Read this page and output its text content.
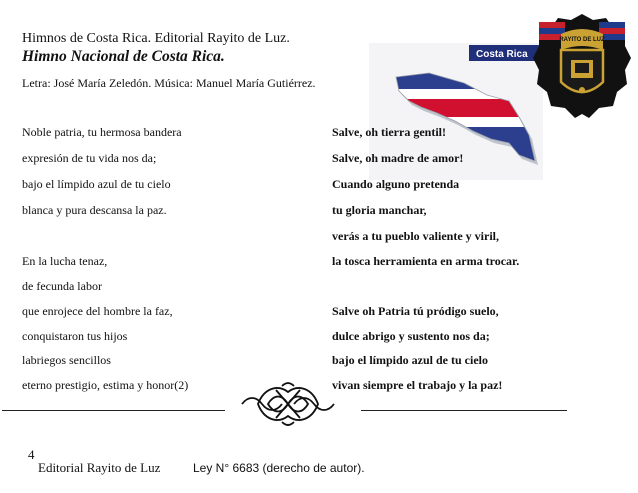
Himnos de Costa Rica. Editorial Rayito de Luz.
Himno Nacional de Costa Rica.
Letra: José María Zeledón. Música: Manuel María Gutiérrez.
Costa Rica
RAYITO DE LUZ
Noble patria, tu hermosa bandera
expresión de tu vida nos da;
bajo el límpido azul de tu cielo
blanca y pura descansa la paz.
En la lucha tenaz,
de fecunda labor
que enrojece del hombre la faz,
conquistaron tus hijos
labriegos sencillos
eterno prestigio, estima y honor(2)
Salve, oh tierra gentil!
Salve, oh madre de amor!
Cuando alguno pretenda
tu gloria manchar,
verás a tu pueblo valiente y viril,
la tosca herramienta en arma trocar.
Salve oh Patria tú pródigo suelo,
dulce abrigo y sustento nos da;
bajo el límpido azul de tu cielo
vivan siempre el trabajo y la paz!
4
Editorial Rayito de Luz	Ley N° 6683 (derecho de autor).
